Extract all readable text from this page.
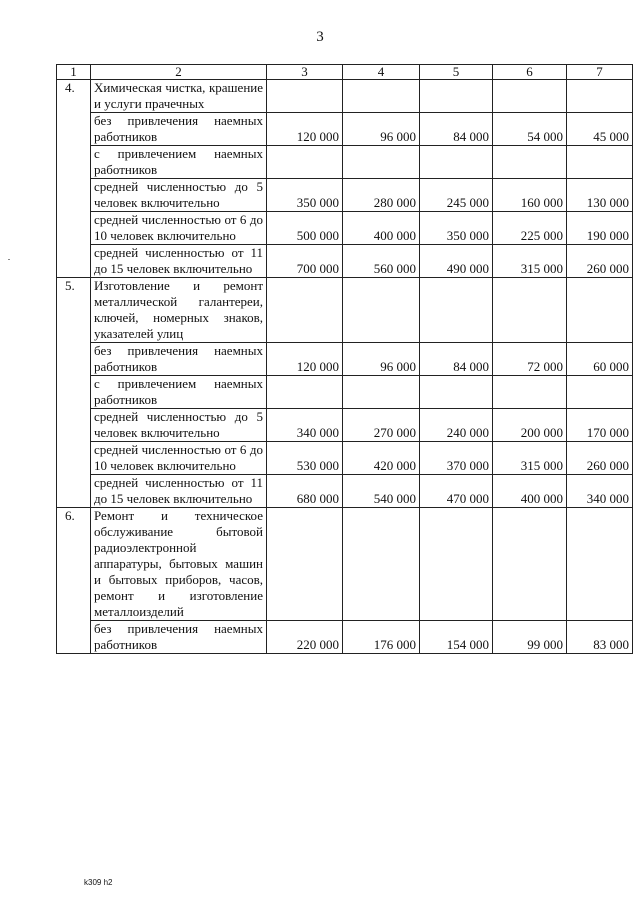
3
1	2	3	4	5	6	7
4.	Химическая чистка, крашение и услуги прачечных					
	без привлечения наемных работников	120 000	96 000	84 000	54 000	45 000
	с привлечением наемных работников					
	средней численностью до 5 человек включительно	350 000	280 000	245 000	160 000	130 000
	средней численностью от 6 до 10 человек включительно	500 000	400 000	350 000	225 000	190 000
	средней численностью от 11 до 15 человек включительно	700 000	560 000	490 000	315 000	260 000
5.	Изготовление и ремонт металлической галантереи, ключей, номерных знаков, указателей улиц					
	без привлечения наемных работников	120 000	96 000	84 000	72 000	60 000
	с привлечением наемных работников					
	средней численностью до 5 человек включительно	340 000	270 000	240 000	200 000	170 000
	средней численностью от 6 до 10 человек включительно	530 000	420 000	370 000	315 000	260 000
	средней численностью от 11 до 15 человек включительно	680 000	540 000	470 000	400 000	340 000
6.	Ремонт и техническое обслуживание бытовой радиоэлектронной аппаратуры, бытовых машин и бытовых приборов, часов, ремонт и изготовление металлоизделий					
	без привлечения наемных работников	220 000	176 000	154 000	99 000	83 000
k309 h2
